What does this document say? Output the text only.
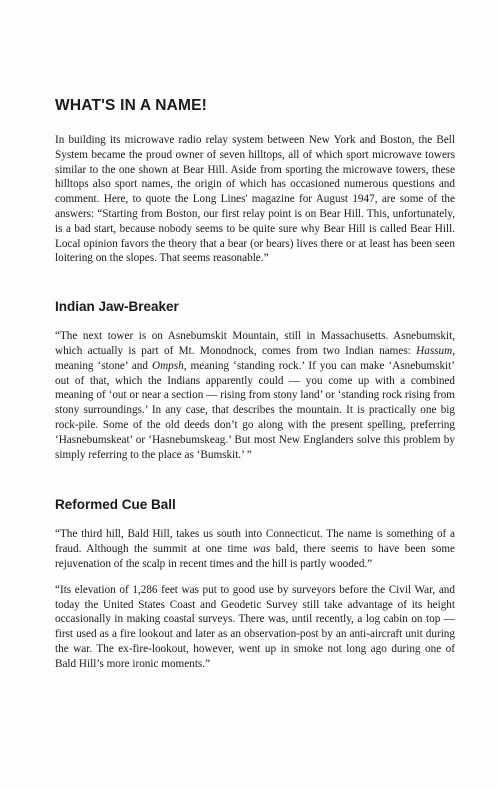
WHAT'S IN A NAME!

In building its microwave radio relay system between New York and Boston, the Bell System became the proud owner of seven hilltops, all of which sport microwave towers similar to the one shown at Bear Hill. Aside from sporting the microwave towers, these hilltops also sport names, the origin of which has occasioned numerous questions and comment. Here, to quote the Long Lines' magazine for August 1947, are some of the answers: “Starting from Boston, our first relay point is on Bear Hill. This, unfortunately, is a bad start, because nobody seems to be quite sure why Bear Hill is called Bear Hill. Local opinion favors the theory that a bear (or bears) lives there or at least has been seen loitering on the slopes. That seems reasonable.”

Indian Jaw-Breaker

“The next tower is on Asnebumskit Mountain, still in Massachusetts. Asnebumskit, which actually is part of Mt. Monodnock, comes from two Indian names: Hassum, meaning ‘stone’ and Ompsh, meaning ‘standing rock.’ If you can make ‘Asnebumskit’ out of that, which the Indians apparently could — you come up with a combined meaning of ‘out or near a section — rising from stony land’ or ‘standing rock rising from stony surroundings.’ In any case, that describes the mountain. It is practically one big rock-pile. Some of the old deeds don’t go along with the present spelling, preferring ‘Hasnebumskeat’ or ‘Hasnebumskeag.’ But most New Englanders solve this problem by simply referring to the place as ‘Bumskit.’ ”

Reformed Cue Ball

“The third hill, Bald Hill, takes us south into Connecticut. The name is something of a fraud. Although the summit at one time was bald, there seems to have been some rejuvenation of the scalp in recent times and the hill is partly wooded.”

“Its elevation of 1,286 feet was put to good use by surveyors before the Civil War, and today the United States Coast and Geodetic Survey still take advantage of its height occasionally in making coastal surveys. There was, until recently, a log cabin on top — first used as a fire lookout and later as an observation-post by an anti-aircraft unit during the war. The ex-fire-lookout, however, went up in smoke not long ago during one of Bald Hill’s more ironic moments.”
